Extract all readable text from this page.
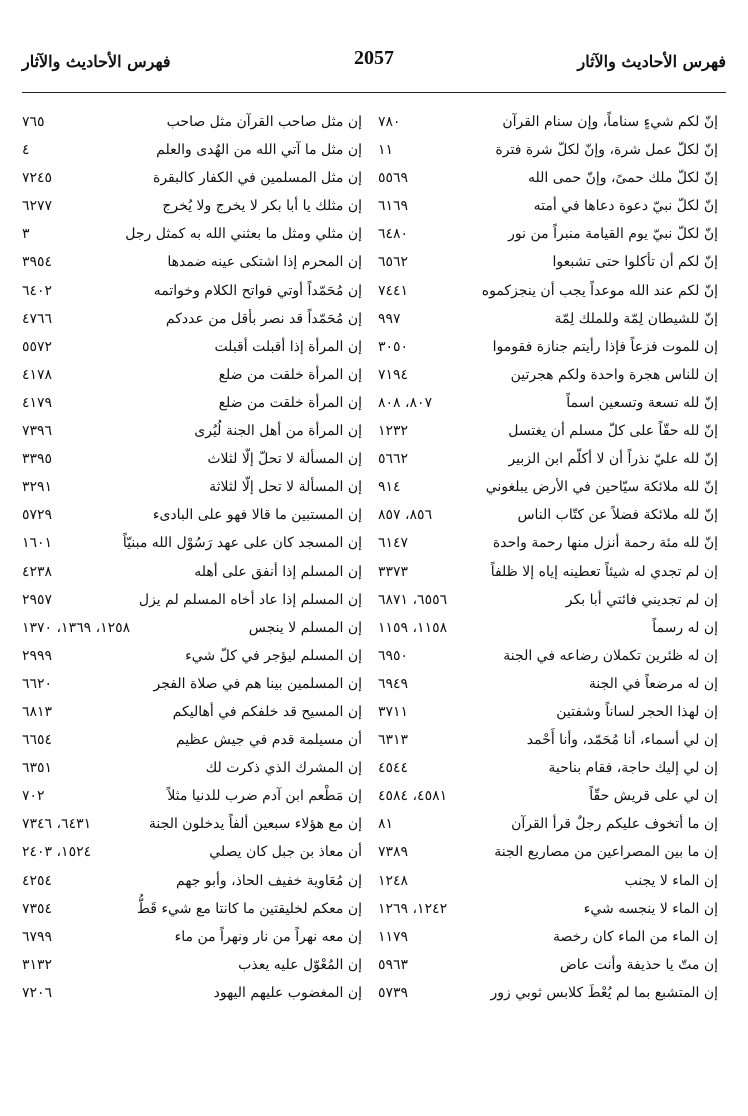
فهرس الأحاديث والآثار
2057
فهرس الأحاديث والآثار
إنّ لكم شيءٍ سناماً، وإن سنام القرآن
٧٨٠
إنّ لكلّ عمل شرة، وإنّ لكلّ شرة فترة
١١
إنّ لكلّ ملك حمىً، وإنّ حمى الله
٥٥٦٩
إنّ لكلّ نبيّ دعوة دعاها في أمته
٦١٦٩
إنّ لكلّ نبيّ يوم القيامة منبراً من نور
٦٤٨٠
إنّ لكم أن تأكلوا حتى تشبعوا
٦٥٦٢
إنّ لكم عند الله موعداً يجب أن ينجزكموه
٧٤٤١
إنّ للشيطان لِمّة وللملك لِمّة
٩٩٧
إن للموت فزعاً فإذا رأيتم جنازة فقوموا
٣٠٥٠
إن للناس هجرة واحدة ولكم هجرتين
٧١٩٤
إنّ لله تسعة وتسعين اسماً
٨٠٧، ٨٠٨
إنّ لله حقّاً على كلّ مسلم أن يغتسل
١٢٣٢
إنّ لله عليّ نذراً أن لا أكلّم ابن الزبير
٥٦٦٢
إنّ لله ملائكة سيّاحين في الأرض يبلغوني
٩١٤
إنّ لله ملائكة فضلاً عن كتّاب الناس
٨٥٦، ٨٥٧
إنّ لله مئة رحمة أنزل منها رحمة واحدة
٦١٤٧
إن لم تجدي له شيئاً تعطينه إياه إلا ظلفاً
٣٣٧٣
إن لم تجديني فائتي أبا بكر
٦٥٥٦، ٦٨٧١
إن له رسماً
١١٥٨، ١١٥٩
إن له ظئرين تكملان رضاعه في الجنة
٦٩٥٠
إن له مرضعاً في الجنة
٦٩٤٩
إن لهذا الحجر لساناً وشفتين
٣٧١١
إن لي أسماء، أنا مُحَمّد، وأنا أَحْمد
٦٣١٣
إن لي إليك حاجة، فقام بناحية
٤٥٤٤
إن لي على قريش حقّاً
٤٥٨١، ٤٥٨٤
إن ما أتخوف عليكم رجلٌ قرأ القرآن
٨١
إن ما بين المصراعين من مصاريع الجنة
٧٣٨٩
إن الماء لا يجنب
١٢٤٨
إن الماء لا ينجسه شيء
١٢٤٢، ١٢٦٩
إن الماء من الماء كان رخصة
١١٧٩
إن متّ يا حذيفة وأنت عاض
٥٩٦٣
إن المتشبع بما لم يُعْطَ كلابس ثوبي زور
٥٧٣٩
إن مثل صاحب القرآن مثل صاحب
٧٦٥
إن مثل ما آتي الله من الهُدى والعلم
٤
إن مثل المسلمين في الكفار كالبقرة
٧٢٤٥
إن مثلك يا أبا بكر لا يخرج ولا يُخرج
٦٢٧٧
إن مثلي ومثل ما بعثني الله به كمثل رجل
٣
إن المحرم إذا اشتكى عينه ضمدها
٣٩٥٤
إن مُحَمّداً أوتي فواتح الكلام وخواتمه
٦٤٠٢
إن مُحَمّداً قد نصر بأقل من عددكم
٤٧٦٦
إن المرأة إذا أقبلت أقبلت
٥٥٧٢
إن المرأة خلقت من ضلع
٤١٧٨
إن المرأة خلقت من ضلع
٤١٧٩
إن المرأة من أهل الجنة لُيُرى
٧٣٩٦
إن المسألة لا تحلّ إلّا لثلاث
٣٣٩٥
إن المسألة لا تحل إلّا لثلاثة
٣٢٩١
إن المستبين ما قالا فهو على البادىء
٥٧٢٩
إن المسجد كان على عهد رَسُوْل الله مبنيّاً
١٦٠١
إن المسلم إذا أنفق على أهله
٤٢٣٨
إن المسلم إذا عاد أخاه المسلم لم يزل
٢٩٥٧
إن المسلم لا ينجس
١٢٥٨، ١٣٦٩، ١٣٧٠
إن المسلم ليؤجر في كلّ شيء
٢٩٩٩
إن المسلمين بينا هم في صلاة الفجر
٦٦٢٠
إن المسيح قد خلفكم في أهاليكم
٦٨١٣
أن مسيلمة قدم في جيش عظيم
٦٦٥٤
إن المشرك الذي ذكرت لك
٦٣٥١
إن مَطْعم ابن آدم ضرب للدنيا مثلاً
٧٠٢
إن مع هؤلاء سبعين ألفاً يدخلون الجنة
٦٤٣١، ٧٣٤٦
أن معاذ بن جبل كان يصلي
١٥٢٤، ٢٤٠٣
إن مُعَاوية خفيف الحاذ، وأبو جهم
٤٢٥٤
إن معكم لخليقتين ما كانتا مع شيء قَطُّ
٧٣٥٤
إن معه نهراً من نار ونهراً من ماء
٦٧٩٩
إن المُعْوّل عليه يعذب
٣١٣٢
إن المغضوب عليهم اليهود
٧٢٠٦
